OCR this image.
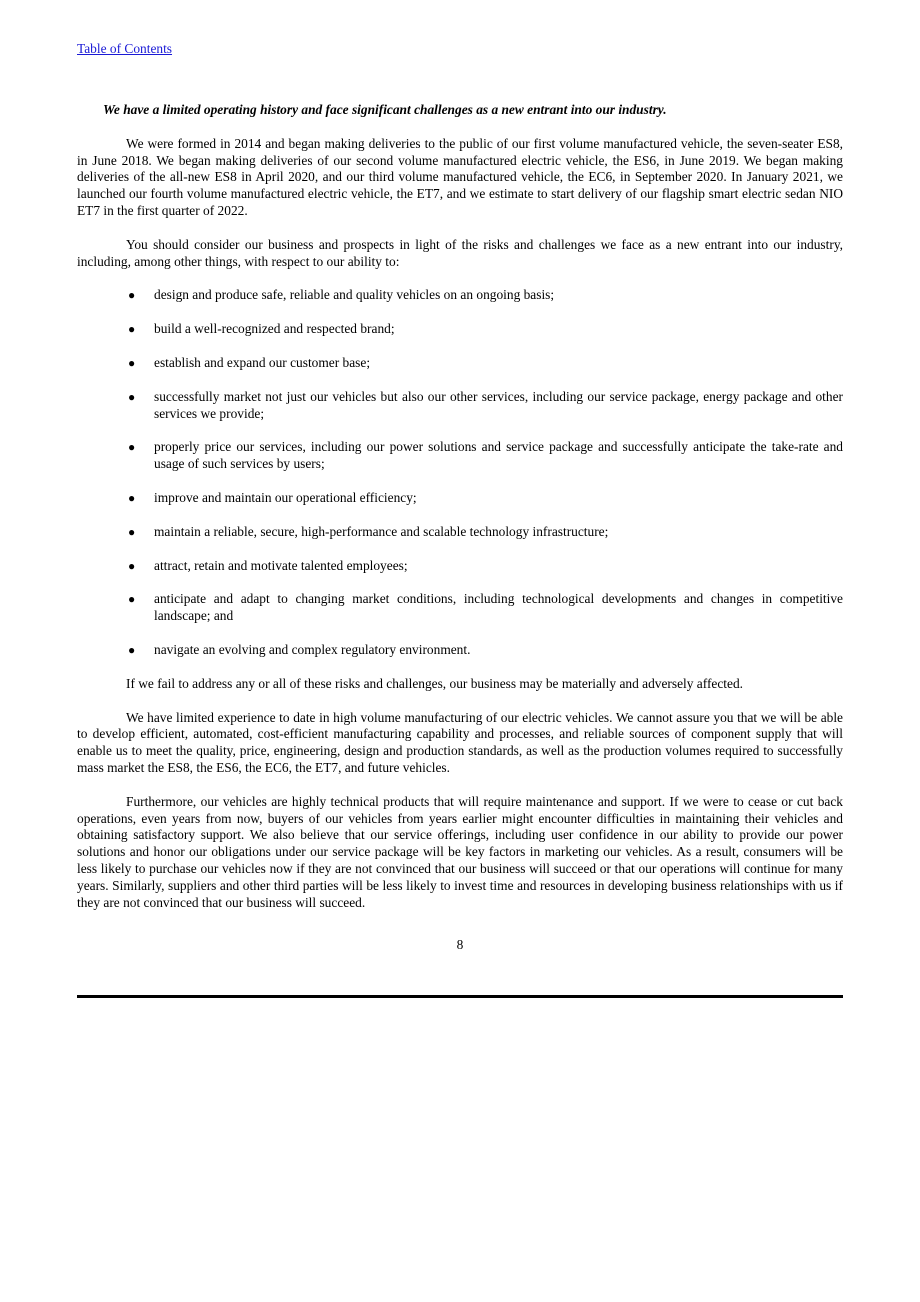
Table of Contents

We have a limited operating history and face significant challenges as a new entrant into our industry.

We were formed in 2014 and began making deliveries to the public of our first volume manufactured vehicle, the seven-seater ES8, in June 2018. We began making deliveries of our second volume manufactured electric vehicle, the ES6, in June 2019. We began making deliveries of the all-new ES8 in April 2020, and our third volume manufactured vehicle, the EC6, in September 2020. In January 2021, we launched our fourth volume manufactured electric vehicle, the ET7, and we estimate to start delivery of our flagship smart electric sedan NIO ET7 in the first quarter of 2022.

You should consider our business and prospects in light of the risks and challenges we face as a new entrant into our industry, including, among other things, with respect to our ability to:

● design and produce safe, reliable and quality vehicles on an ongoing basis;
● build a well-recognized and respected brand;
● establish and expand our customer base;
● successfully market not just our vehicles but also our other services, including our service package, energy package and other services we provide;
● properly price our services, including our power solutions and service package and successfully anticipate the take-rate and usage of such services by users;
● improve and maintain our operational efficiency;
● maintain a reliable, secure, high-performance and scalable technology infrastructure;
● attract, retain and motivate talented employees;
● anticipate and adapt to changing market conditions, including technological developments and changes in competitive landscape; and
● navigate an evolving and complex regulatory environment.

If we fail to address any or all of these risks and challenges, our business may be materially and adversely affected.

We have limited experience to date in high volume manufacturing of our electric vehicles. We cannot assure you that we will be able to develop efficient, automated, cost-efficient manufacturing capability and processes, and reliable sources of component supply that will enable us to meet the quality, price, engineering, design and production standards, as well as the production volumes required to successfully mass market the ES8, the ES6, the EC6, the ET7, and future vehicles.

Furthermore, our vehicles are highly technical products that will require maintenance and support. If we were to cease or cut back operations, even years from now, buyers of our vehicles from years earlier might encounter difficulties in maintaining their vehicles and obtaining satisfactory support. We also believe that our service offerings, including user confidence in our ability to provide our power solutions and honor our obligations under our service package will be key factors in marketing our vehicles. As a result, consumers will be less likely to purchase our vehicles now if they are not convinced that our business will succeed or that our operations will continue for many years. Similarly, suppliers and other third parties will be less likely to invest time and resources in developing business relationships with us if they are not convinced that our business will succeed.

8
